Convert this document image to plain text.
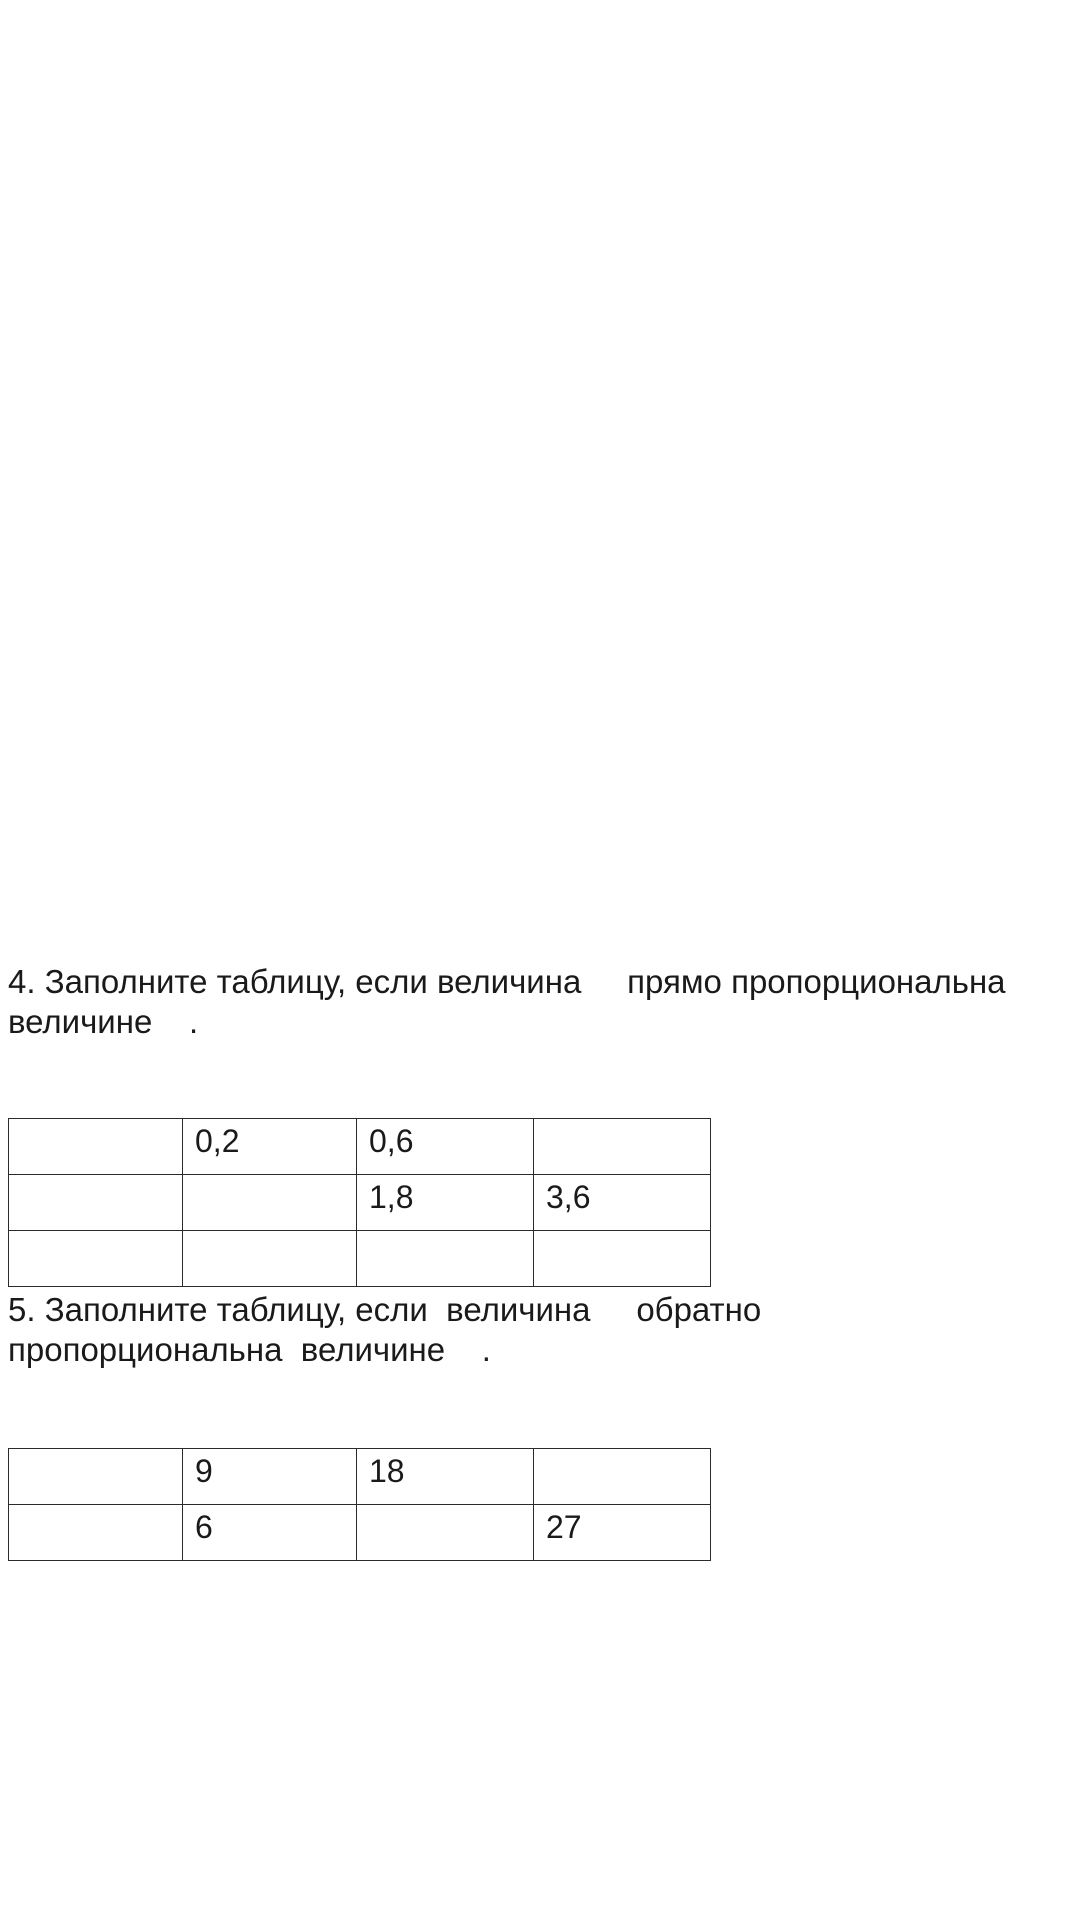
4. Заполните таблицу, если величина     прямо пропорциональна
величине    .

	0,2	0,6	
		1,8	3,6

5. Заполните таблицу, если  величина     обратно
пропорциональна  величине    .

	9	18	
	6		27
